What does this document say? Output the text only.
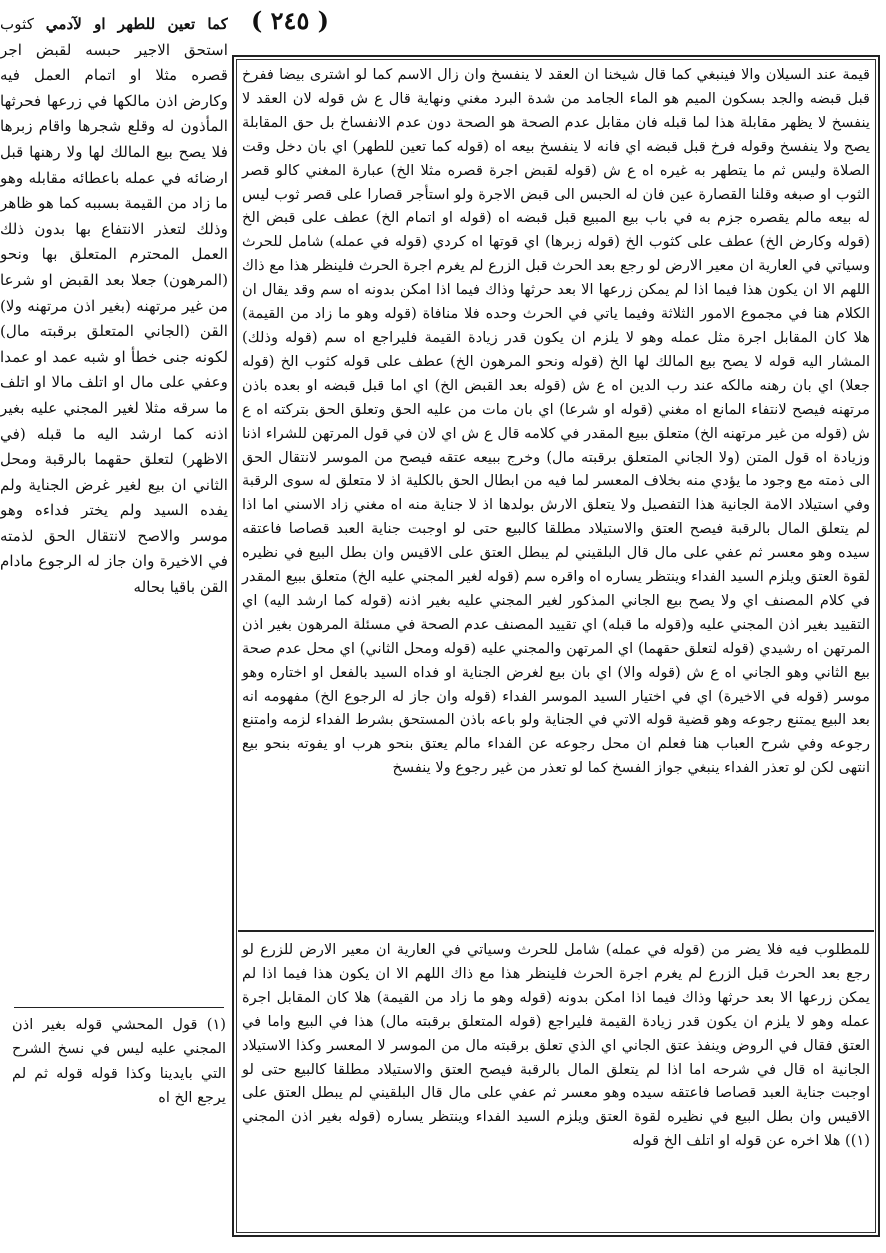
( ٢٤٥ )
كما تعين للطهر او لآدمي كثوب استحق الاجير حبسه لقبض اجر قصره مثلا او اتمام العمل فيه وكارض اذن مالكها في زرعها فحرثها المأذون له وقلع شجرها واقام زبرها فلا يصح بيع المالك لها ولا رهنها قبل ارضائه في عمله باعطائه مقابله وهو ما زاد من القيمة بسببه كما هو ظاهر وذلك لتعذر الانتفاع بها بدون ذلك العمل المحترم المتعلق بها ونحو (المرهون) جعلا بعد القبض او شرعا من غير مرتهنه (بغير اذن مرتهنه ولا) القن (الجاني المتعلق برقبته مال) لكونه جنى خطأ او شبه عمد او عمدا وعفي على مال او اتلف مالا او اتلف ما سرقه مثلا لغير المجني عليه بغير اذنه كما ارشد اليه ما قبله (في الاظهر) لتعلق حقهما بالرقبة ومحل الثاني ان بيع لغير غرض الجناية ولم يفده السيد ولم يختر فداءه وهو موسر والاصح لانتقال الحق لذمته في الاخيرة وان جاز له الرجوع مادام القن باقيا بحاله
(١) قول المحشي قوله بغير اذن المجني عليه ليس في نسخ الشرح التي بايدينا وكذا قوله قوله ثم لم يرجع الخ اه
قيمة عند السيلان والا فينبغي كما قال شيخنا ان العقد لا ينفسخ وان زال الاسم كما لو اشترى بيضا ففرخ قبل قبضه والجد بسكون الميم هو الماء الجامد من شدة البرد مغني ونهاية قال ع ش قوله لان العقد لا ينفسخ لا يظهر مقابلة هذا لما قبله فان مقابل عدم الصحة هو الصحة دون عدم الانفساخ بل حق المقابلة يصح ولا ينفسخ وقوله فرخ قبل قبضه اي فانه لا ينفسخ بيعه اه (قوله كما تعين للطهر) اي بان دخل وقت الصلاة وليس ثم ما يتطهر به غيره اه ع ش (قوله لقبض اجرة قصره مثلا الخ) عبارة المغني كالو قصر الثوب او صبغه وقلنا القصارة عين فان له الحبس الى قبض الاجرة ولو استأجر قصارا على قصر ثوب ليس له بيعه مالم يقصره جزم به في باب بيع المبيع قبل قبضه اه (قوله او اتمام الخ) عطف على قبض الخ (قوله وكارض الخ) عطف على كثوب الخ (قوله زبرها) اي قوتها اه كردي (قوله في عمله) شامل للحرث وسياتي في العارية ان معير الارض لو رجع بعد الحرث قبل الزرع لم يغرم اجرة الحرث فلينظر هذا مع ذاك اللهم الا ان يكون هذا فيما اذا لم يمكن زرعها الا بعد حرثها وذاك فيما اذا امكن بدونه اه سم وقد يقال ان الكلام هنا في مجموع الامور الثلاثة وفيما ياتي في الحرث وحده فلا منافاة (قوله وهو ما زاد من القيمة) هلا كان المقابل اجرة مثل عمله وهو لا يلزم ان يكون قدر زيادة القيمة فليراجع اه سم (قوله وذلك) المشار اليه قوله لا يصح بيع المالك لها الخ (قوله ونحو المرهون الخ) عطف على قوله كثوب الخ (قوله جعلا) اي بان رهنه مالكه عند رب الدين اه ع ش (قوله بعد القبض الخ) اي اما قبل قبضه او بعده باذن مرتهنه فيصح لانتفاء المانع اه مغني (قوله او شرعا) اي بان مات من عليه الحق وتعلق الحق بتركته اه ع ش (قوله من غير مرتهنه الخ) متعلق ببيع المقدر في كلامه قال ع ش اي لان في قول المرتهن للشراء اذنا وزيادة اه قول المتن (ولا الجاني المتعلق برقبته مال) وخرج ببيعه عتقه فيصح من الموسر لانتقال الحق الى ذمته مع وجود ما يؤدي منه بخلاف المعسر لما فيه من ابطال الحق بالكلية اذ لا متعلق له سوى الرقبة وفي استيلاد الامة الجانية هذا التفصيل ولا يتعلق الارش بولدها اذ لا جناية منه اه مغني زاد الاسني اما اذا لم يتعلق المال بالرقبة فيصح العتق والاستيلاد مطلقا كالبيع حتى لو اوجبت جناية العبد قصاصا فاعتقه سيده وهو معسر ثم عفي على مال قال البلقيني لم يبطل العتق على الاقيس وان بطل البيع في نظيره لقوة العتق ويلزم السيد الفداء وينتظر يساره اه واقره سم (قوله لغير المجني عليه الخ) متعلق ببيع المقدر في كلام المصنف اي ولا يصح بيع الجاني المذكور لغير المجني عليه بغير اذنه (قوله كما ارشد اليه) اي التقييد بغير اذن المجني عليه و(قوله ما قبله) اي تقييد المصنف عدم الصحة في مسئلة المرهون بغير اذن المرتهن اه رشيدي (قوله لتعلق حقهما) اي المرتهن والمجني عليه (قوله ومحل الثاني) اي محل عدم صحة بيع الثاني وهو الجاني اه ع ش (قوله والا) اي بان بيع لغرض الجناية او فداه السيد بالفعل او اختاره وهو موسر (قوله في الاخيرة) اي في اختيار السيد الموسر الفداء (قوله وان جاز له الرجوع الخ) مفهومه انه بعد البيع يمتنع رجوعه وهو قضية قوله الاتي في الجناية ولو باعه باذن المستحق بشرط الفداء لزمه وامتنع رجوعه وفي شرح العباب هنا فعلم ان محل رجوعه عن الفداء مالم يعتق بنحو هرب او يفوته بنحو بيع انتهى لكن لو تعذر الفداء ينبغي جواز الفسخ كما لو تعذر من غير رجوع ولا ينفسخ
للمطلوب فيه فلا يضر من (قوله في عمله) شامل للحرث وسياتي في العارية ان معير الارض للزرع لو رجع بعد الحرث قبل الزرع لم يغرم اجرة الحرث فلينظر هذا مع ذاك اللهم الا ان يكون هذا فيما اذا لم يمكن زرعها الا بعد حرثها وذاك فيما اذا امكن بدونه (قوله وهو ما زاد من القيمة) هلا كان المقابل اجرة عمله وهو لا يلزم ان يكون قدر زيادة القيمة فليراجع (قوله المتعلق برقبته مال) هذا في البيع واما في العتق فقال في الروض وينفذ عتق الجاني اي الذي تعلق برقبته مال من الموسر لا المعسر وكذا الاستيلاد الجانية اه قال في شرحه اما اذا لم يتعلق المال بالرقبة فيصح العتق والاستيلاد مطلقا كالبيع حتى لو اوجبت جناية العبد قصاصا فاعتقه سيده وهو معسر ثم عفي على مال قال البلقيني لم يبطل العتق على الاقيس وان بطل البيع في نظيره لقوة العتق ويلزم السيد الفداء وينتظر يساره (قوله بغير اذن المجني (١)) هلا اخره عن قوله او اتلف الخ قوله
